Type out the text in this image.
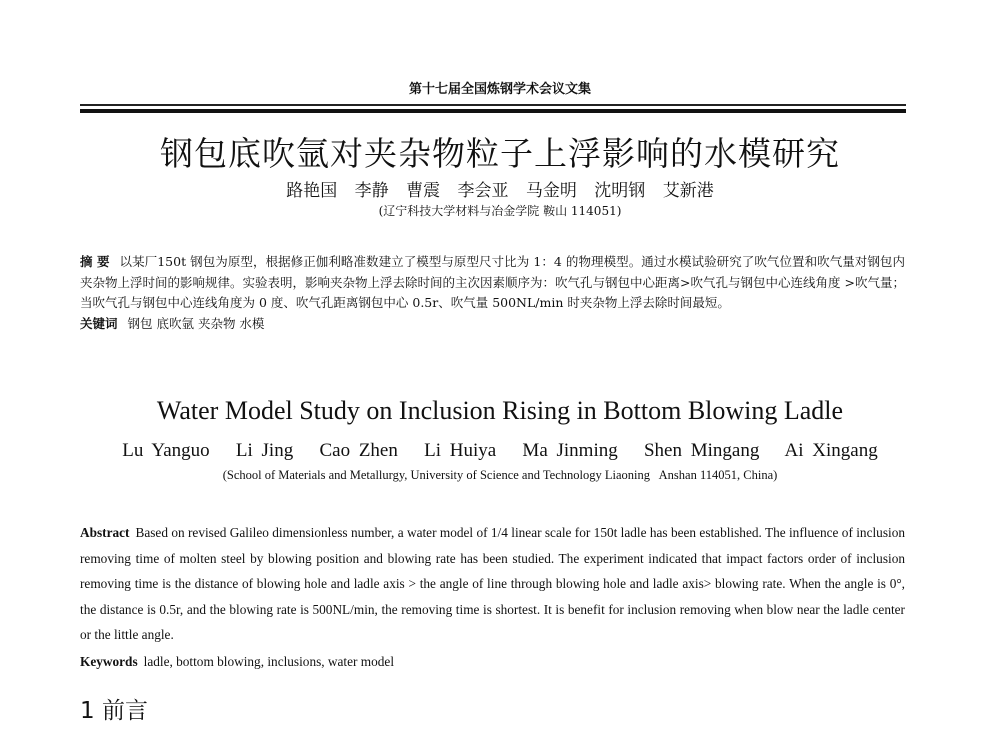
第十七届全国炼钢学术会议文集
钢包底吹氩对夹杂物粒子上浮影响的水模研究
路艳国 李静 曹震 李会亚 马金明 沈明钢 艾新港
(辽宁科技大学材料与冶金学院 鞍山 114051)
摘 要 以某厂150t 钢包为原型，根据修正伽利略准数建立了模型与原型尺寸比为 1：4 的物理模型。通过水模试验研究了吹气位置和吹气量对钢包内夹杂物上浮时间的影响规律。实验表明，影响夹杂物上浮去除时间的主次因素顺序为：吹气孔与钢包中心距离>吹气孔与钢包中心连线角度 >吹气量；当吹气孔与钢包中心连线角度为 0 度、吹气孔距离钢包中心 0.5r、吹气量 500NL/min 时夹杂物上浮去除时间最短。
关键词 钢包 底吹氩 夹杂物 水模
Water Model Study on Inclusion Rising in Bottom Blowing Ladle
Lu Yanguo   Li Jing   Cao Zhen   Li Huiya   Ma Jinming   Shen Mingang   Ai Xingang
(School of Materials and Metallurgy, University of Science and Technology Liaoning   Anshan 114051, China)
Abstract Based on revised Galileo dimensionless number, a water model of 1/4 linear scale for 150t ladle has been established. The influence of inclusion removing time of molten steel by blowing position and blowing rate has been studied. The experiment indicated that impact factors order of inclusion removing time is the distance of blowing hole and ladle axis > the angle of line through blowing hole and ladle axis> blowing rate. When the angle is 0°, the distance is 0.5r, and the blowing rate is 500NL/min, the removing time is shortest. It is benefit for inclusion removing when blow near the ladle center or the little angle.
Keywords ladle, bottom blowing, inclusions, water model
1 前言
